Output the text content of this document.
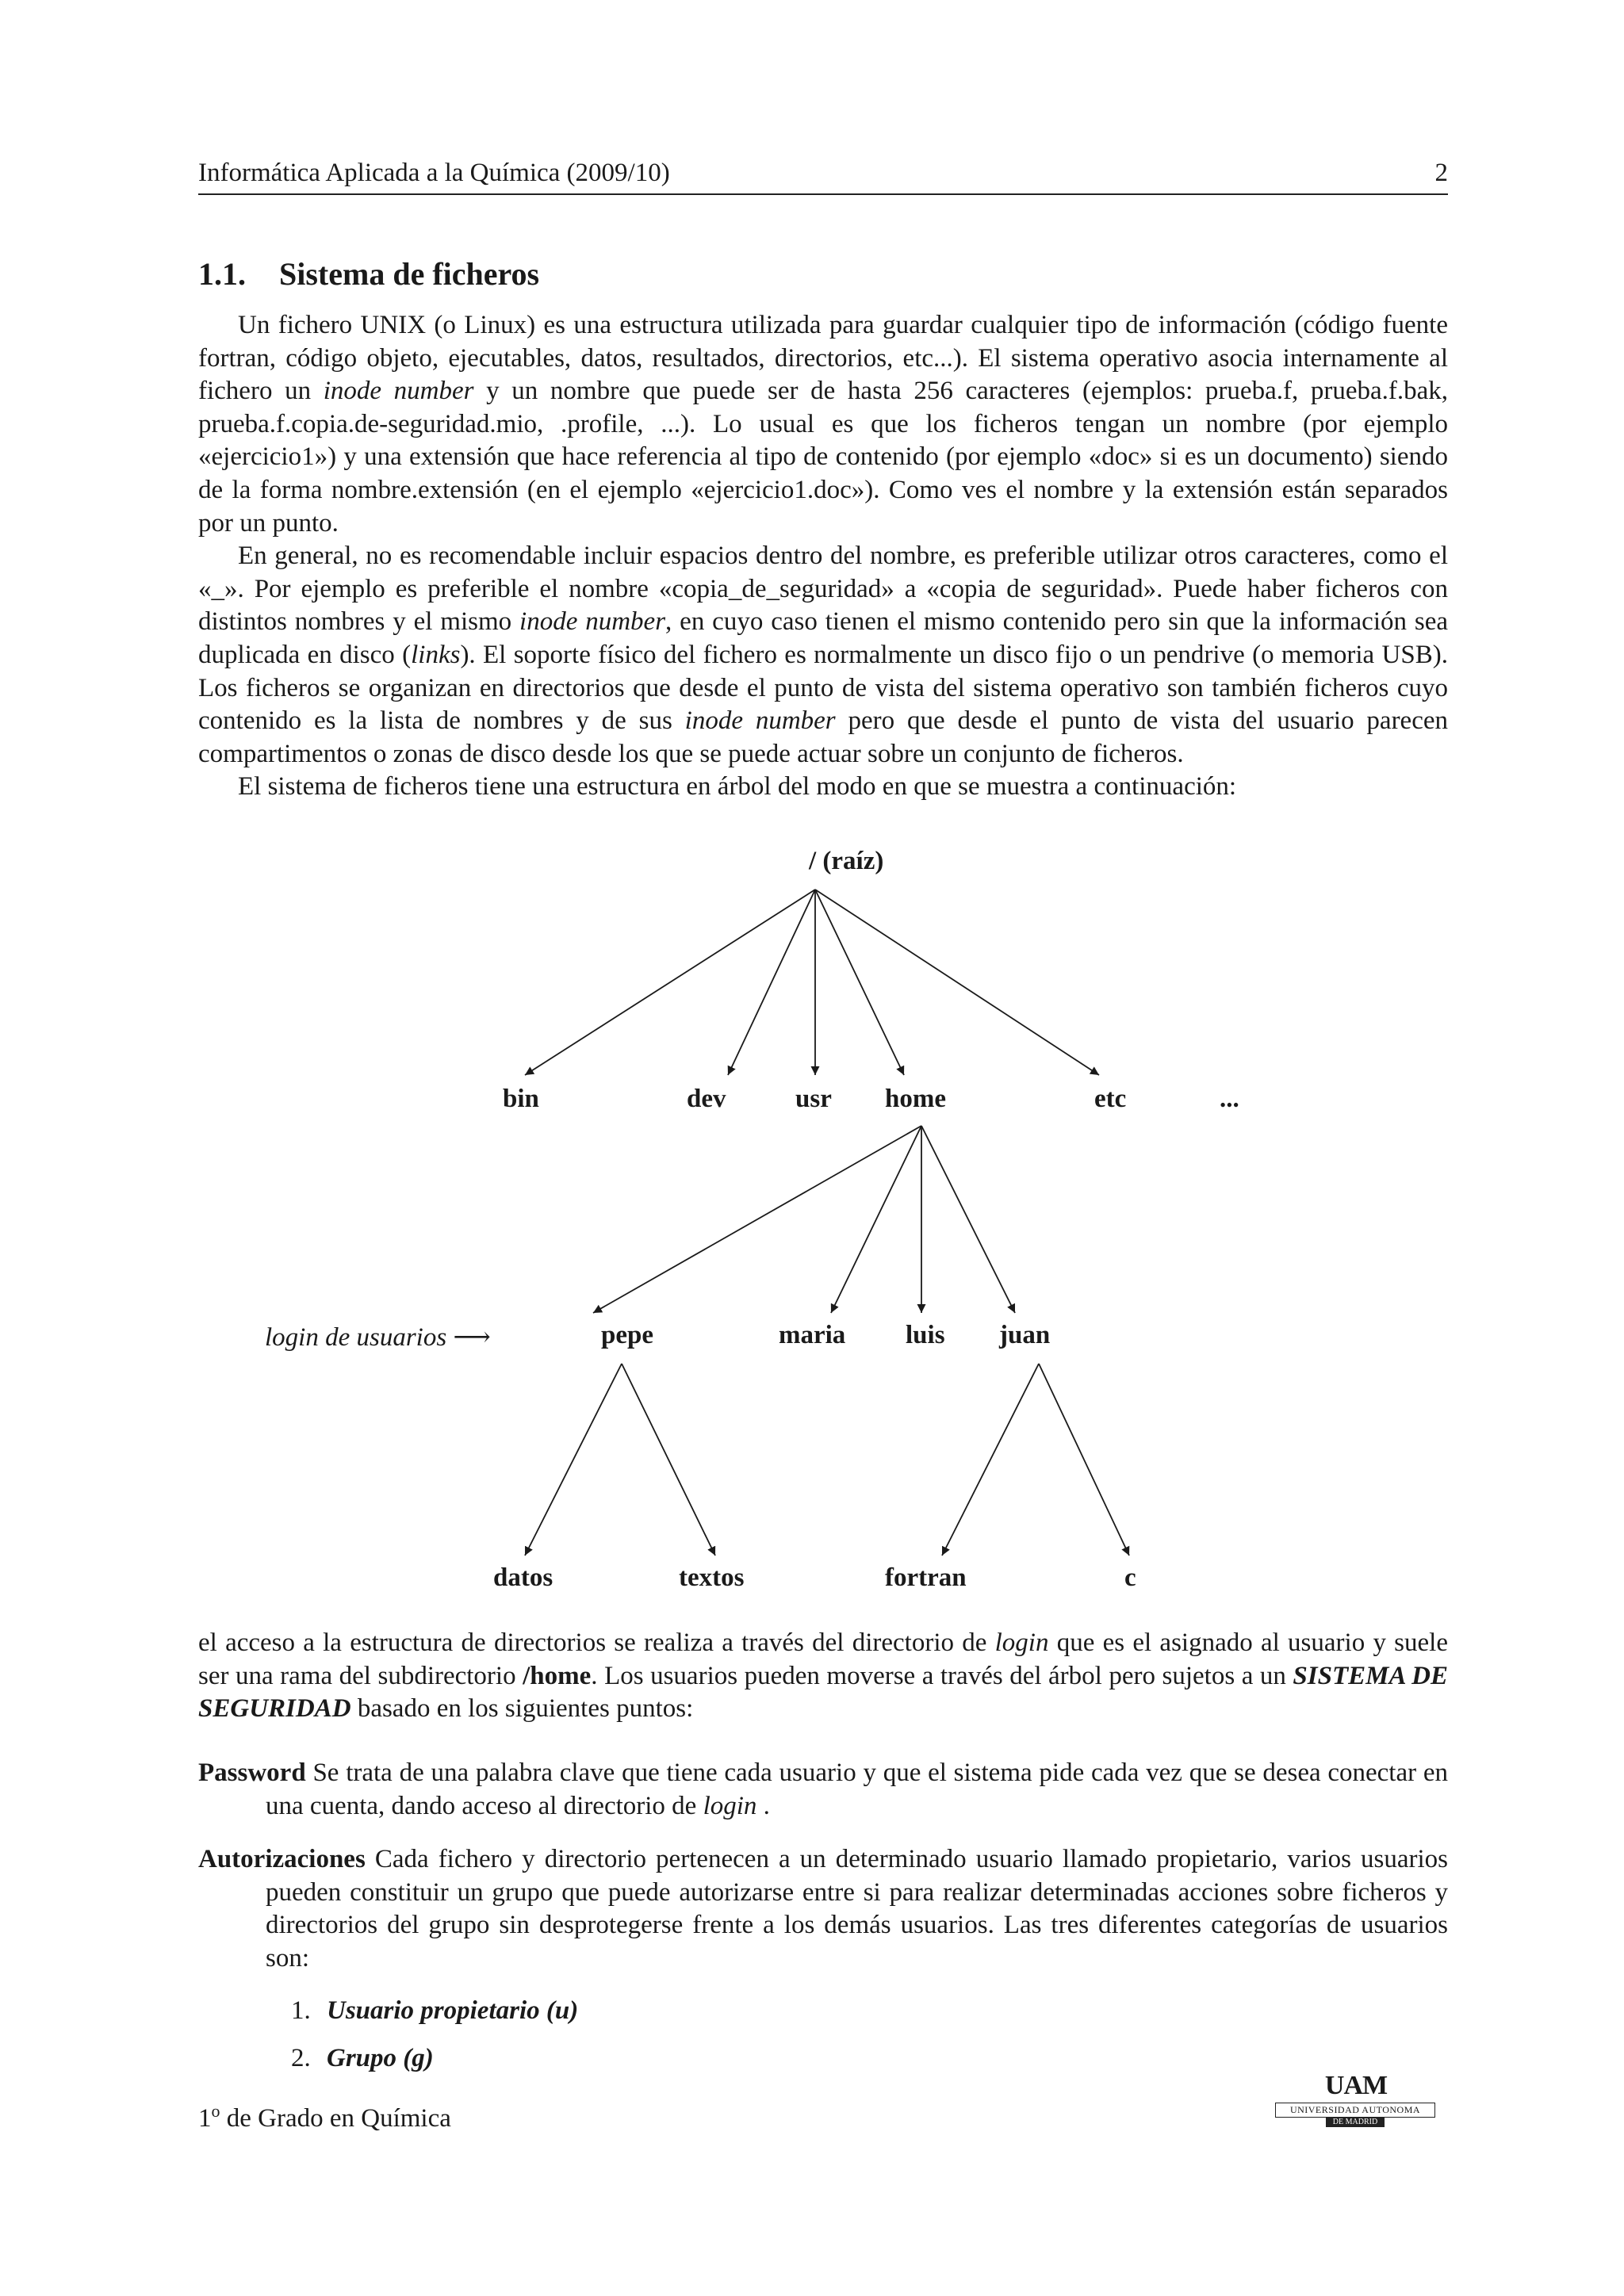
Informática Aplicada a la Química (2009/10)	2
1.1. Sistema de ficheros

Un fichero UNIX (o Linux) es una estructura utilizada para guardar cualquier tipo de información (código fuente fortran, código objeto, ejecutables, datos, resultados, directorios, etc...). El sistema operativo asocia internamente al fichero un inode number y un nombre que puede ser de hasta 256 caracteres (ejemplos: prueba.f, prueba.f.bak, prueba.f.copia.de-seguridad.mio, .profile, ...). Lo usual es que los ficheros tengan un nombre (por ejemplo «ejercicio1») y una extensión que hace referencia al tipo de contenido (por ejemplo «doc» si es un documento) siendo de la forma nombre.extensión (en el ejemplo «ejercicio1.doc»). Como ves el nombre y la extensión están separados por un punto.

En general, no es recomendable incluir espacios dentro del nombre, es preferible utilizar otros caracteres, como el «_». Por ejemplo es preferible el nombre «copia_de_seguridad» a «copia de seguridad». Puede haber ficheros con distintos nombres y el mismo inode number, en cuyo caso tienen el mismo contenido pero sin que la información sea duplicada en disco (links). El soporte físico del fichero es normalmente un disco fijo o un pendrive (o memoria USB). Los ficheros se organizan en directorios que desde el punto de vista del sistema operativo son también ficheros cuyo contenido es la lista de nombres y de sus inode number pero que desde el punto de vista del usuario parecen compartimentos o zonas de disco desde los que se puede actuar sobre un conjunto de ficheros.

El sistema de ficheros tiene una estructura en árbol del modo en que se muestra a continuación:

/ (raíz)
bin	dev	usr home	etc	...
login de usuarios ⟶	pepe	maria luis juan
datos	textos	fortran	c

el acceso a la estructura de directorios se realiza a través del directorio de login que es el asignado al usuario y suele ser una rama del subdirectorio /home. Los usuarios pueden moverse a través del árbol pero sujetos a un SISTEMA DE SEGURIDAD basado en los siguientes puntos:

Password Se trata de una palabra clave que tiene cada usuario y que el sistema pide cada vez que se desea conectar en una cuenta, dando acceso al directorio de login .
Autorizaciones Cada fichero y directorio pertenecen a un determinado usuario llamado propietario, varios usuarios pueden constituir un grupo que puede autorizarse entre si para realizar determinadas acciones sobre ficheros y directorios del grupo sin desprotegerse frente a los demás usuarios. Las tres diferentes categorías de usuarios son:
1. Usuario propietario (u)
2. Grupo (g)
1$^o$ de Grado en Química
UAM
UNIVERSIDAD AUTONOMA
DE MADRID
